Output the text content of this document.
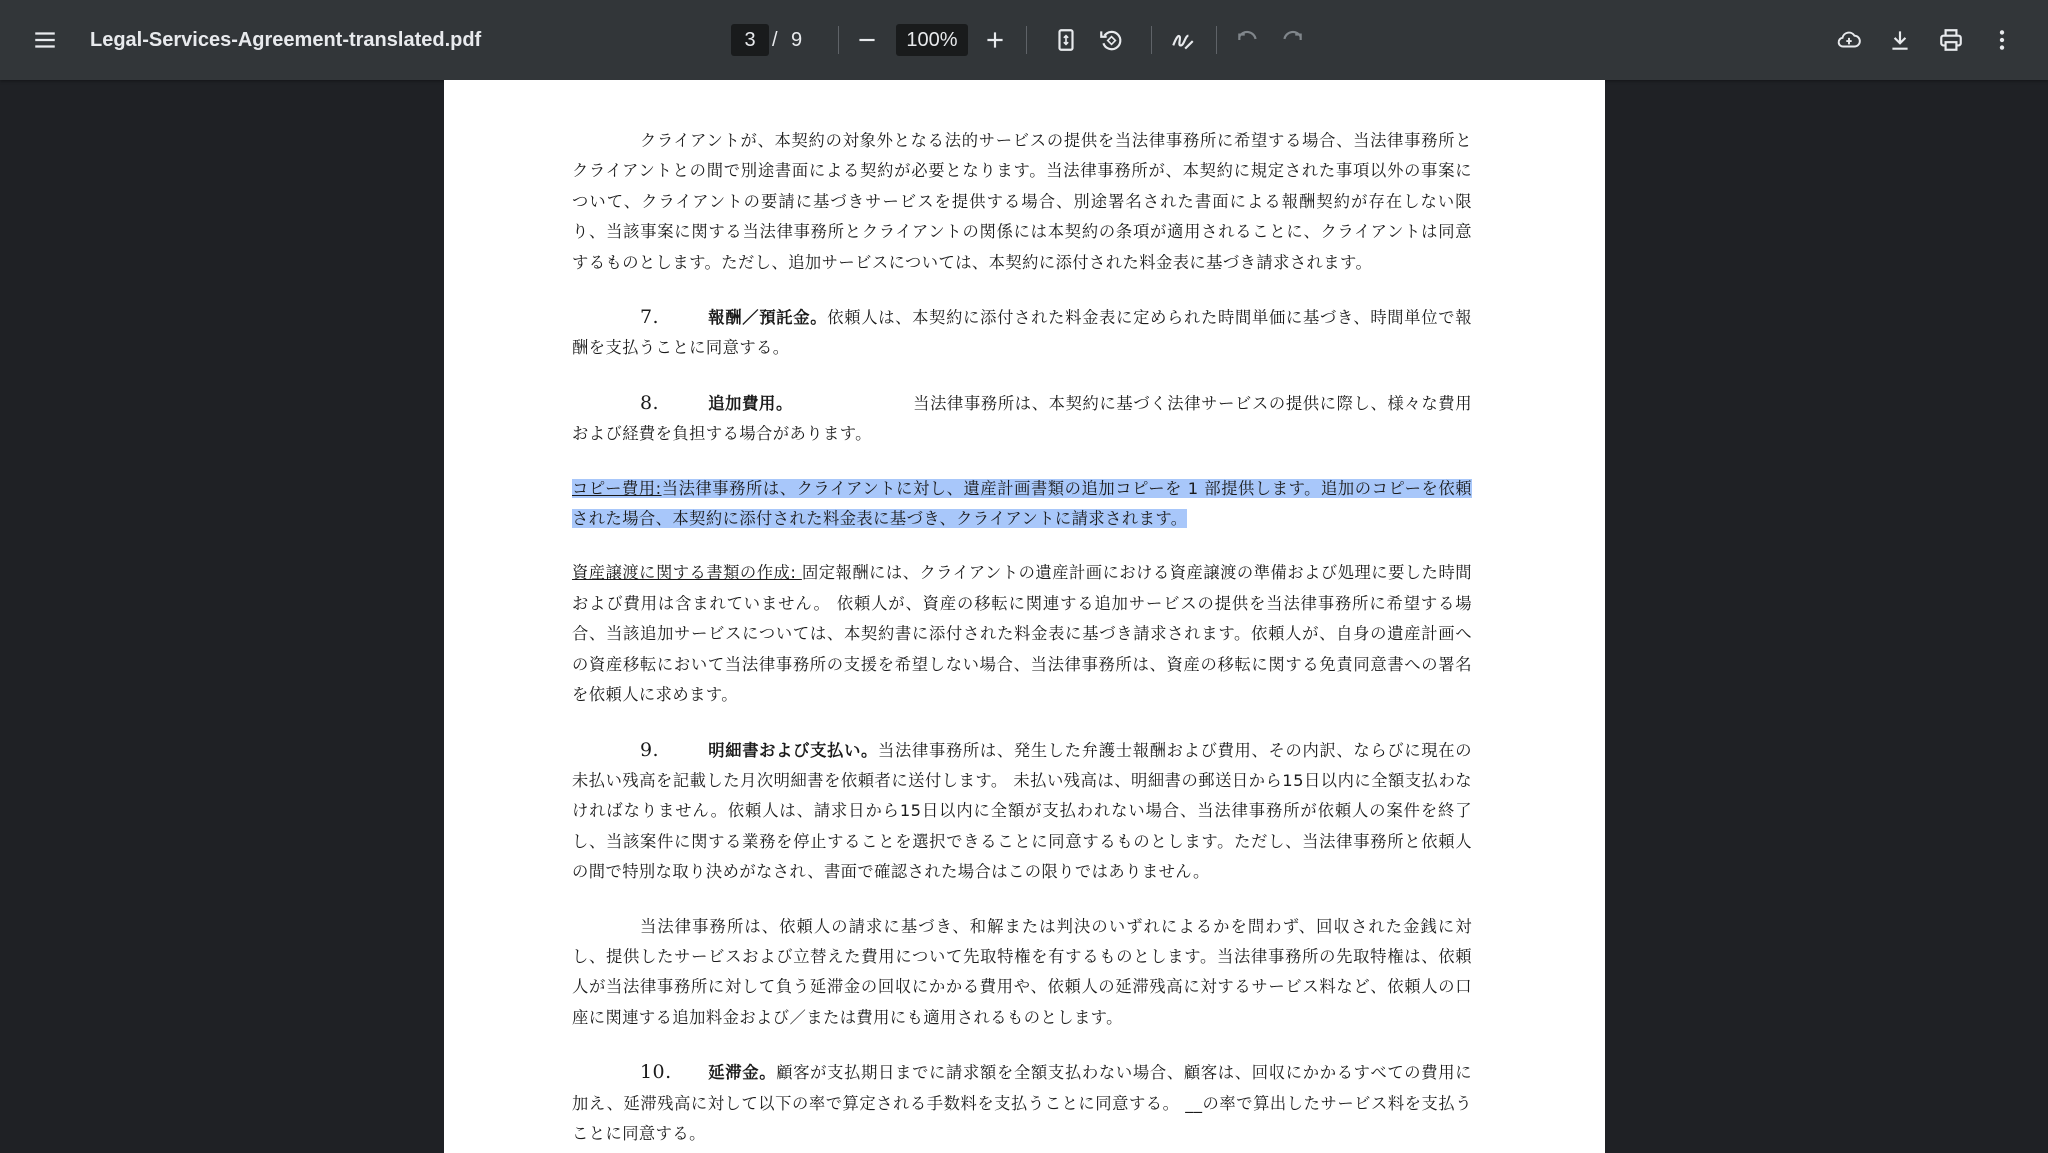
Legal-Services-Agreement-translated.pdf	3 / 9	100%

クライアントが、本契約の対象外となる法的サービスの提供を当法律事務所に希望する場合、当法律事務所とクライアントとの間で別途書面による契約が必要となります。当法律事務所が、本契約に規定された事項以外の事案について、クライアントの要請に基づきサービスを提供する場合、別途署名された書面による報酬契約が存在しない限り、当該事案に関する当法律事務所とクライアントの関係には本契約の条項が適用されることに、クライアントは同意するものとします。ただし、追加サービスについては、本契約に添付された料金表に基づき請求されます。

7.	報酬／預託金。依頼人は、本契約に添付された料金表に定められた時間単価に基づき、時間単位で報酬を支払うことに同意する。

8.	追加費用。	当法律事務所は、本契約に基づく法律サービスの提供に際し、様々な費用および経費を負担する場合があります。

コピー費用:当法律事務所は、クライアントに対し、遺産計画書類の追加コピーを 1 部提供します。追加のコピーを依頼された場合、本契約に添付された料金表に基づき、クライアントに請求されます。

資産譲渡に関する書類の作成: 固定報酬には、クライアントの遺産計画における資産譲渡の準備および処理に要した時間および費用は含まれていません。 依頼人が、資産の移転に関連する追加サービスの提供を当法律事務所に希望する場合、当該追加サービスについては、本契約書に添付された料金表に基づき請求されます。依頼人が、自身の遺産計画への資産移転において当法律事務所の支援を希望しない場合、当法律事務所は、資産の移転に関する免責同意書への署名を依頼人に求めます。

9.	明細書および支払い。当法律事務所は、発生した弁護士報酬および費用、その内訳、ならびに現在の未払い残高を記載した月次明細書を依頼者に送付します。 未払い残高は、明細書の郵送日から15日以内に全額支払わなければなりません。依頼人は、請求日から15日以内に全額が支払われない場合、当法律事務所が依頼人の案件を終了し、当該案件に関する業務を停止することを選択できることに同意するものとします。ただし、当法律事務所と依頼人の間で特別な取り決めがなされ、書面で確認された場合はこの限りではありません。

当法律事務所は、依頼人の請求に基づき、和解または判決のいずれによるかを問わず、回収された金銭に対し、提供したサービスおよび立替えた費用について先取特権を有するものとします。当法律事務所の先取特権は、依頼人が当法律事務所に対して負う延滞金の回収にかかる費用や、依頼人の延滞残高に対するサービス料など、依頼人の口座に関連する追加料金および／または費用にも適用されるものとします。

10. 延滞金。顧客が支払期日までに請求額を全額支払わない場合、顧客は、回収にかかるすべての費用に加え、延滞残高に対して以下の率で算定される手数料を支払うことに同意する。 __の率で算出したサービス料を支払うことに同意する。
